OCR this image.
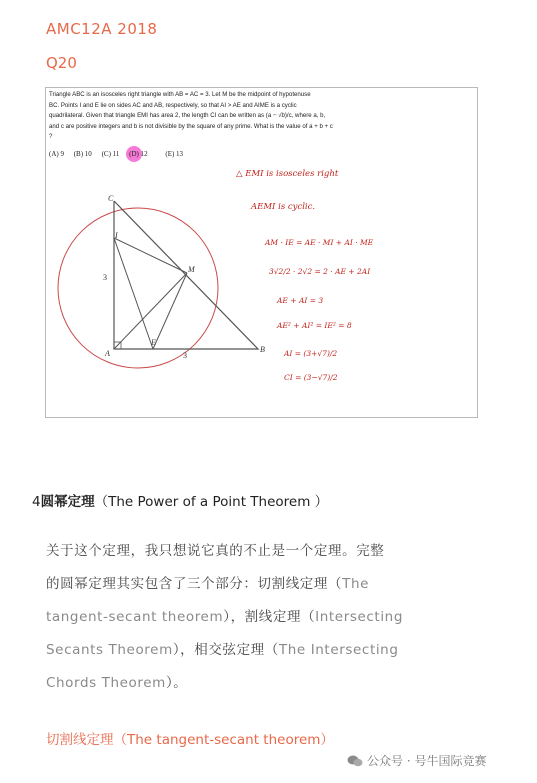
AMC12A 2018
Q20
Triangle ABC is an isosceles right triangle with AB = AC = 3. Let M be the midpoint of hypotenuse
BC. Points I and E lie on sides AC and AB, respectively, so that AI > AE and AIME is a cyclic
quadrilateral. Given that triangle EMI has area 2, the length CI can be written as (a − √b)/c, where a, b,
and c are positive integers and b is not divisible by the square of any prime. What is the value of a + b + c
?
(A) 9 (B) 10 (C) 11 (D) 12	(E) 13
C
I
M
A
E
B
3
3
△ EMI is isosceles right
AEMI is cyclic.
AM · IE = AE · MI + AI · ME
3√2/2 · 2√2 = 2 · AE + 2AI
AE + AI = 3
AE² + AI² = IE² = 8
AI = (3+√7)/2
CI = (3−√7)/2
4圆幂定理（The Power of a Point Theorem ）
关于这个定理，我只想说它真的不止是一个定理。完整
的圆幂定理其实包含了三个部分：切割线定理（The
tangent-secant theorem），割线定理（Intersecting
Secants Theorem），相交弦定理（The Intersecting
Chords Theorem）。
切割线定理（The tangent-secant theorem）
公众号 · 号牛国际竞赛
